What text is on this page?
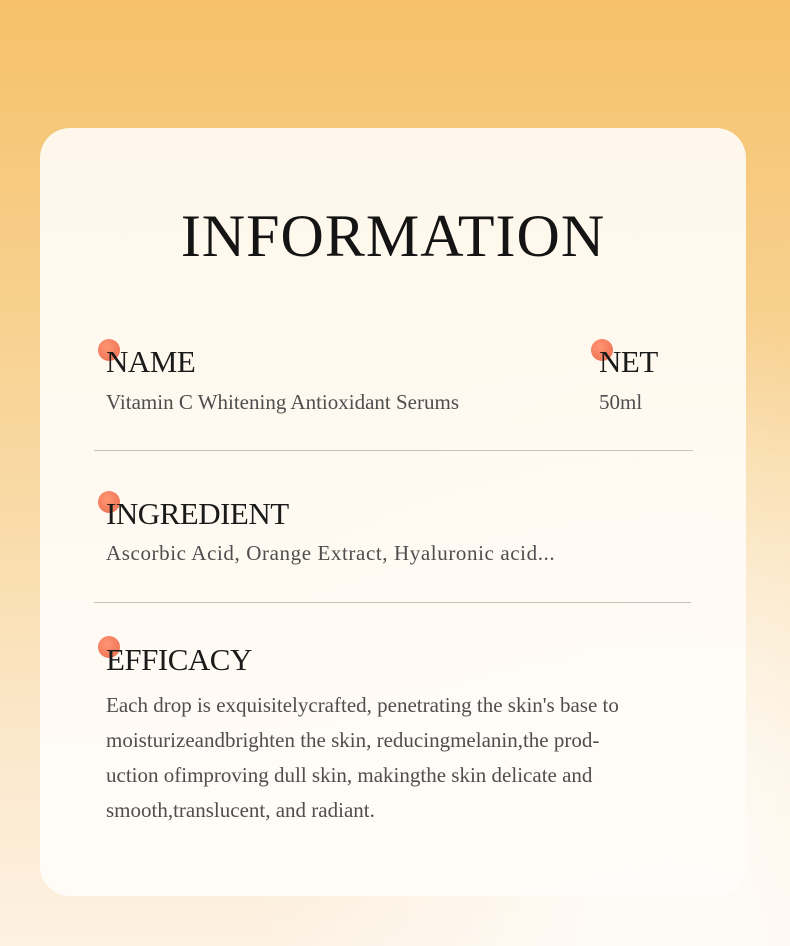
INFORMATION
NAME
Vitamin C Whitening Antioxidant Serums
NET
50ml
INGREDIENT
Ascorbic Acid, Orange Extract, Hyaluronic acid...
EFFICACY
Each drop is exquisitelycrafted, penetrating the skin's base to
moisturizeandbrighten the skin, reducingmelanin,the prod-
uction ofimproving dull skin, makingthe skin delicate and
smooth,translucent, and radiant.
